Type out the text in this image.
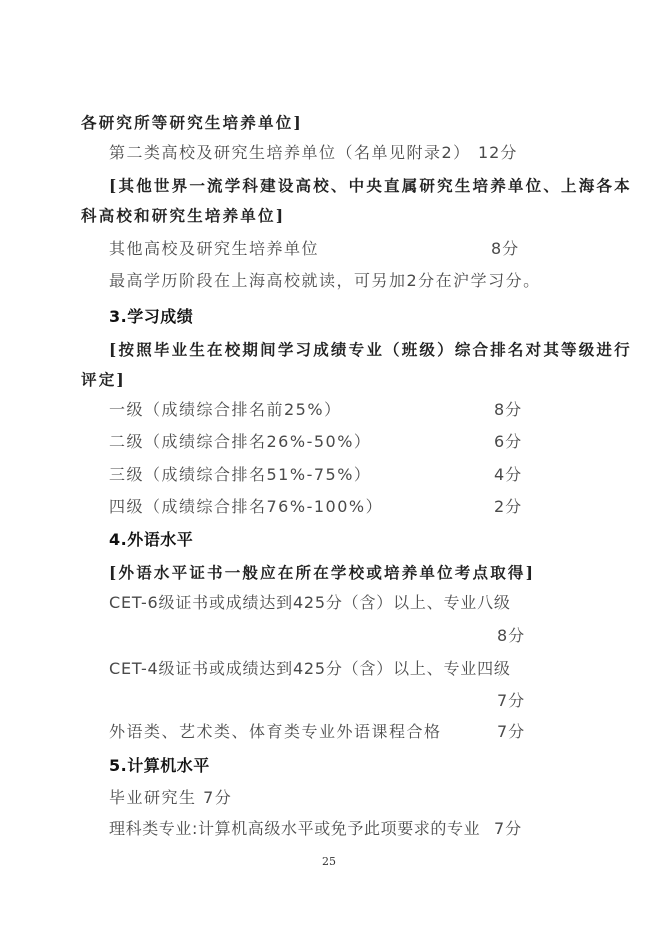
各研究所等研究生培养单位]
第二类高校及研究生培养单位（名单见附录2） 12分
[其他世界一流学科建设高校、中央直属研究生培养单位、上海各本
科高校和研究生培养单位]
其他高校及研究生培养单位	8分
最高学历阶段在上海高校就读，可另加2分在沪学习分。
3.学习成绩
[按照毕业生在校期间学习成绩专业（班级）综合排名对其等级进行
评定]
一级（成绩综合排名前25%）	8分
二级（成绩综合排名26%-50%）	6分
三级（成绩综合排名51%-75%）	4分
四级（成绩综合排名76%-100%）	2分
4.外语水平
[外语水平证书一般应在所在学校或培养单位考点取得]
CET-6级证书或成绩达到425分（含）以上、专业八级
8分
CET-4级证书或成绩达到425分（含）以上、专业四级
7分
外语类、艺术类、体育类专业外语课程合格	7分
5.计算机水平
毕业研究生 7分
理科类专业:计算机高级水平或免予此项要求的专业 7分
25
